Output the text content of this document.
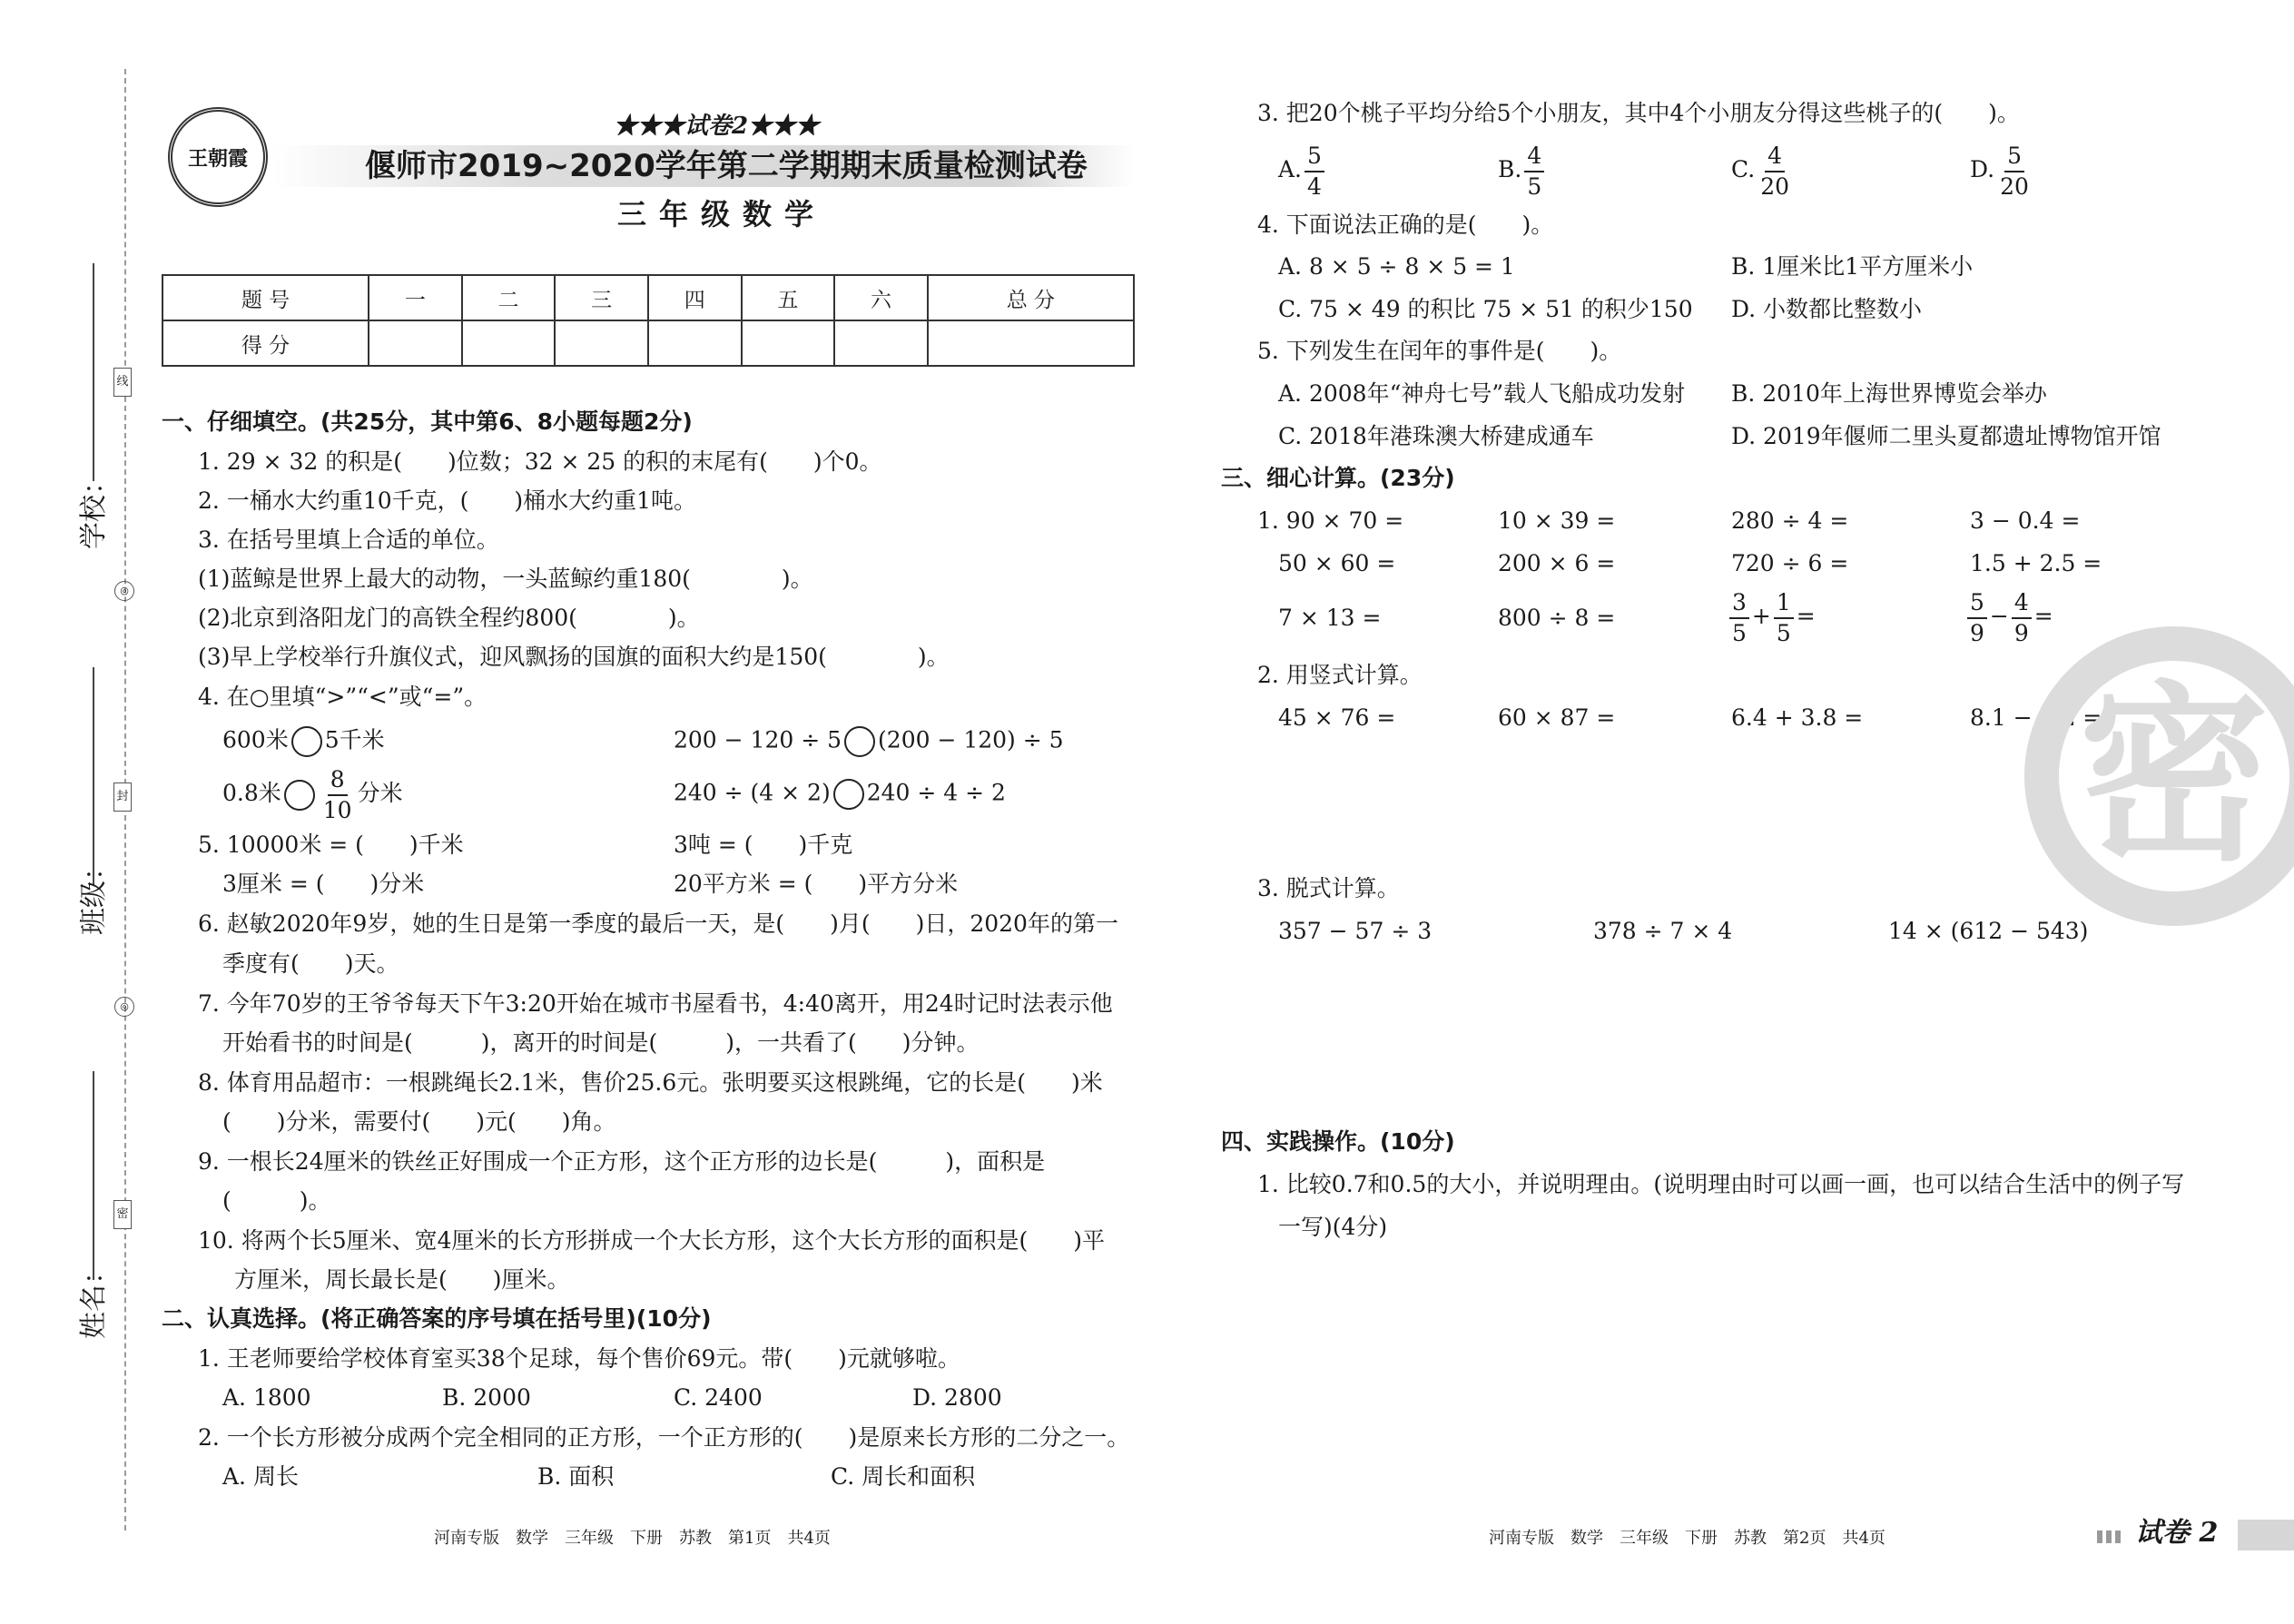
学校：
班级：
姓名：
线
封
密
◎
◎
王朝霞
★★★试卷2★★★
偃师市2019~2020学年第二学期期末质量检测试卷
三年级数学
题 号	一	二	三	四	五	六	总 分
得 分							
一、仔细填空。(共25分，其中第6、8小题每题2分)
1. 29 × 32 的积是(　　)位数；32 × 25 的积的末尾有(　　)个0。
2. 一桶水大约重10千克，(　　)桶水大约重1吨。
3. 在括号里填上合适的单位。
(1)蓝鲸是世界上最大的动物，一头蓝鲸约重180(　　　　)。
(2)北京到洛阳龙门的高铁全程约800(　　　　)。
(3)早上学校举行升旗仪式，迎风飘扬的国旗的面积大约是150(　　　　)。
4. 在○里填“>”“<”或“=”。
600米 5千米	200 − 120 ÷ 5 (200 − 120) ÷ 5
0.8米 $\frac{8}{10}$ 分米	240 ÷ (4 × 2) 240 ÷ 4 ÷ 2
5. 10000米 = (　　)千米	3吨 = (　　)千克
3厘米 = (　　)分米	20平方米 = (　　)平方分米
6. 赵敏2020年9岁，她的生日是第一季度的最后一天，是(　　)月(　　)日，2020年的第一
季度有(　　)天。
7. 今年70岁的王爷爷每天下午3:20开始在城市书屋看书，4:40离开，用24时记时法表示他
开始看书的时间是(　　　)，离开的时间是(　　　)，一共看了(　　)分钟。
8. 体育用品超市：一根跳绳长2.1米，售价25.6元。张明要买这根跳绳，它的长是(　　)米
(　　)分米，需要付(　　)元(　　)角。
9. 一根长24厘米的铁丝正好围成一个正方形，这个正方形的边长是(　　　)，面积是
(　　　)。
10. 将两个长5厘米、宽4厘米的长方形拼成一个大长方形，这个大长方形的面积是(　　)平
方厘米，周长最长是(　　)厘米。
二、认真选择。(将正确答案的序号填在括号里)(10分)
1. 王老师要给学校体育室买38个足球，每个售价69元。带(　　)元就够啦。
A. 1800	B. 2000	C. 2400	D. 2800
2. 一个长方形被分成两个完全相同的正方形，一个正方形的(　　)是原来长方形的二分之一。
A. 周长	B. 面积	C. 周长和面积
河南专版　数学　三年级　下册　苏教　第1页　共4页
3. 把20个桃子平均分给5个小朋友，其中4个小朋友分得这些桃子的(　　)。
A. $\frac{5}{4}$	B. $\frac{4}{5}$	C. $\frac{4}{20}$	D. $\frac{5}{20}$
4. 下面说法正确的是(　　)。
A. 8 × 5 ÷ 8 × 5 = 1	B. 1厘米比1平方厘米小
C. 75 × 49 的积比 75 × 51 的积少150 D. 小数都比整数小
5. 下列发生在闰年的事件是(　　)。
A. 2008年“神舟七号”载人飞船成功发射 B. 2010年上海世界博览会举办
C. 2018年港珠澳大桥建成通车	D. 2019年偃师二里头夏都遗址博物馆开馆
三、细心计算。(23分)
1. 90 × 70 =	10 × 39 =	280 ÷ 4 =	3 − 0.4 =
50 × 60 =	200 × 6 =	720 ÷ 6 =	1.5 + 2.5 =
7 × 13 =	800 ÷ 8 =	$\frac{3}{5} + \frac{1}{5}$ =	$\frac{5}{9} - \frac{4}{9}$ =
2. 用竖式计算。
45 × 76 =	60 × 87 =	6.4 + 3.8 =	8.1 − 5.2 =
3. 脱式计算。
357 − 57 ÷ 3	378 ÷ 7 × 4	14 × (612 − 543)
密
四、实践操作。(10分)
1. 比较0.7和0.5的大小，并说明理由。(说明理由时可以画一画，也可以结合生活中的例子写
一写)(4分)
河南专版　数学　三年级　下册　苏教　第2页　共4页	试卷 2
